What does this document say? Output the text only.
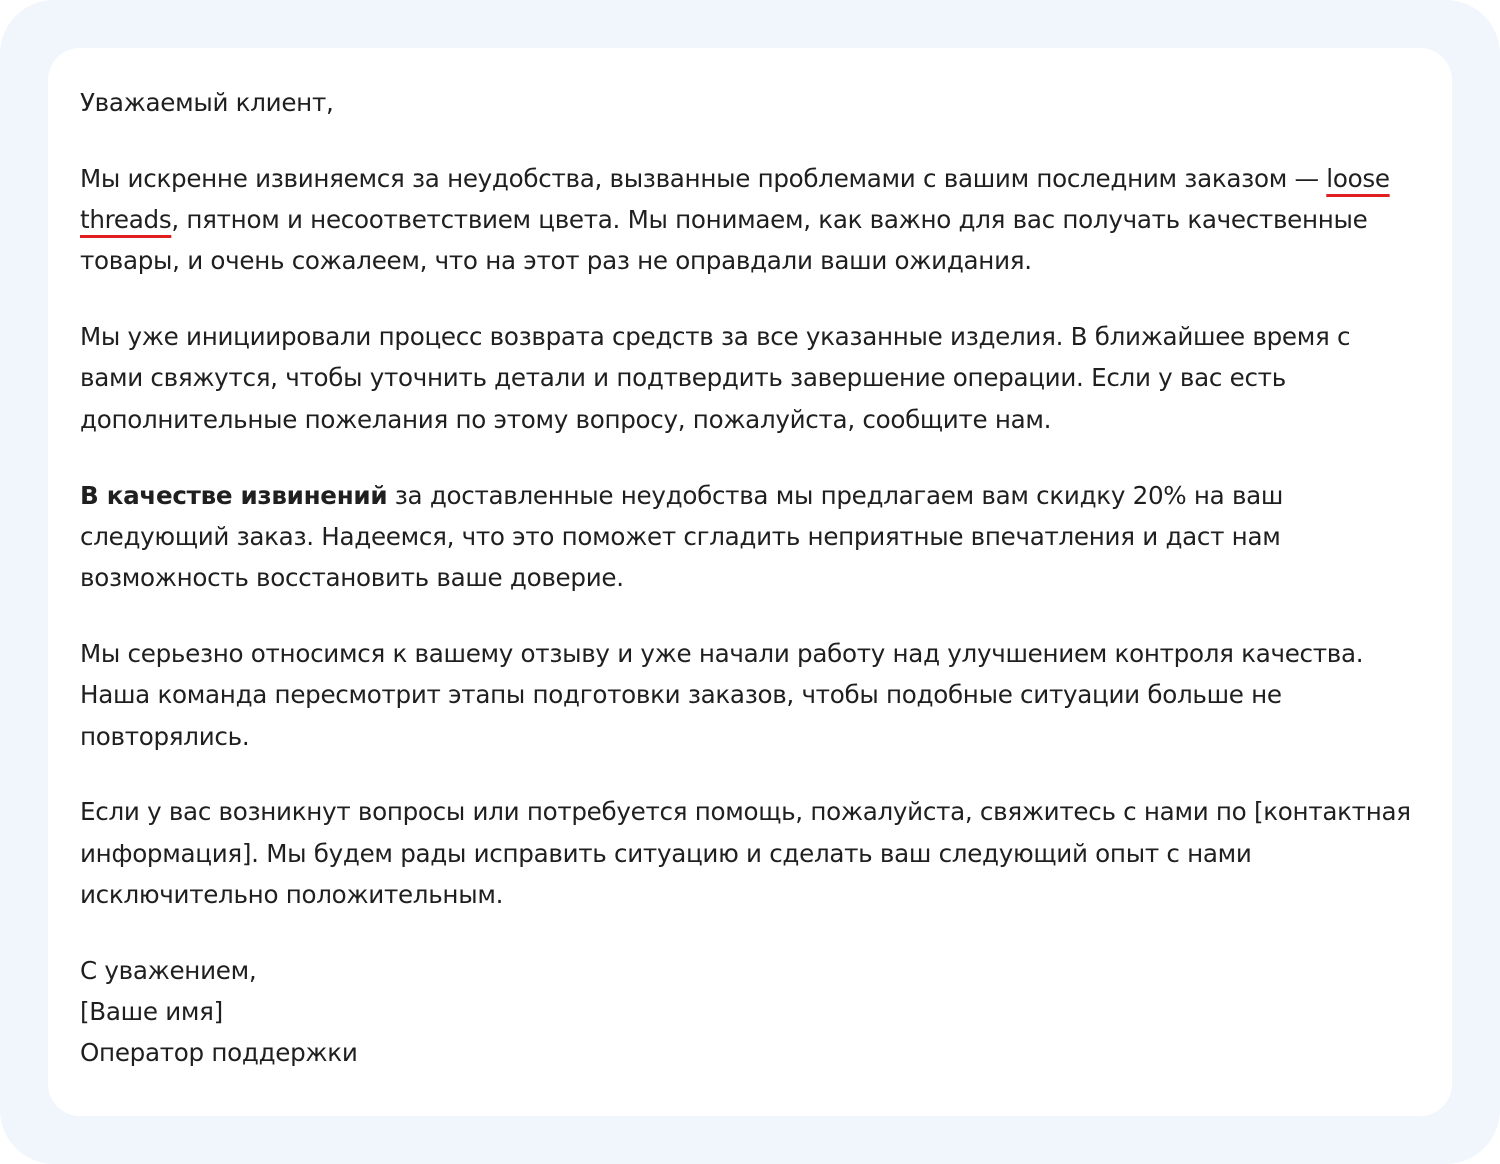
Уважаемый клиент,

Мы искренне извиняемся за неудобства, вызванные проблемами с вашим последним заказом — loose threads, пятном и несоответствием цвета. Мы понимаем, как важно для вас получать качественные товары, и очень сожалеем, что на этот раз не оправдали ваши ожидания.

Мы уже инициировали процесс возврата средств за все указанные изделия. В ближайшее время с вами свяжутся, чтобы уточнить детали и подтвердить завершение операции. Если у вас есть дополнительные пожелания по этому вопросу, пожалуйста, сообщите нам.

В качестве извинений за доставленные неудобства мы предлагаем вам скидку 20% на ваш следующий заказ. Надеемся, что это поможет сгладить неприятные впечатления и даст нам возможность восстановить ваше доверие.

Мы серьезно относимся к вашему отзыву и уже начали работу над улучшением контроля качества. Наша команда пересмотрит этапы подготовки заказов, чтобы подобные ситуации больше не повторялись.

Если у вас возникнут вопросы или потребуется помощь, пожалуйста, свяжитесь с нами по [контактная информация]. Мы будем рады исправить ситуацию и сделать ваш следующий опыт с нами исключительно положительным.

С уважением,
[Ваше имя]
Оператор поддержки
